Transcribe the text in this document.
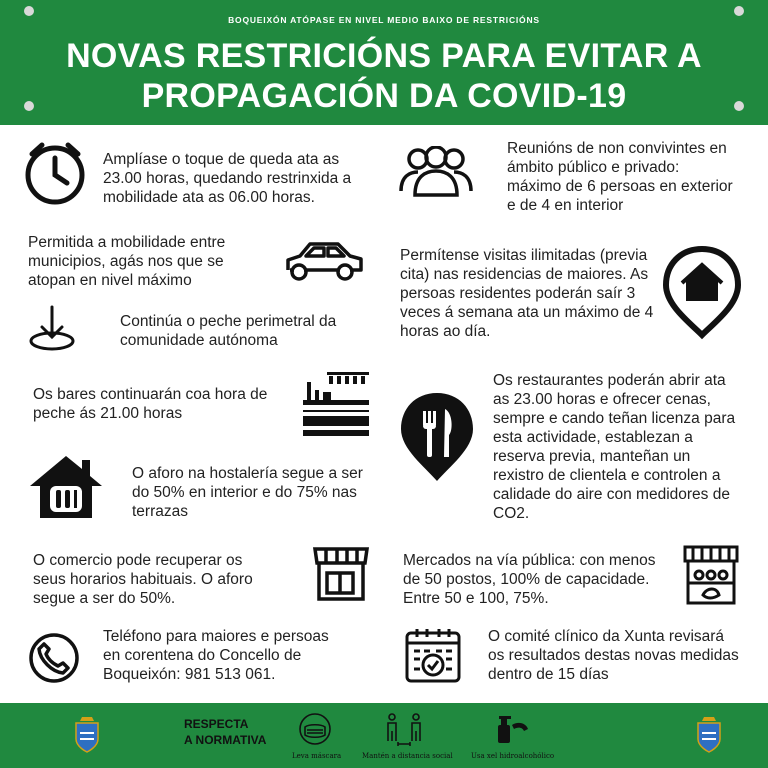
BOQUEIXÓN ATÓPASE EN NIVEL MEDIO BAIXO DE RESTRICIÓNS
NOVAS RESTRICIÓNS PARA EVITAR A
PROPAGACIÓN DA COVID-19
Amplíase o toque de queda ata as 23.00 horas, quedando restrinxida a mobilidade ata as 06.00 horas.
Reunións de non convivintes en ámbito público e privado: máximo de 6 persoas en exterior e de 4 en interior
Permitida a mobilidade entre municipios, agás nos que se atopan en nivel máximo
Permítense visitas ilimitadas (previa cita) nas residencias de maiores. As persoas residentes poderán saír 3 veces á semana ata un máximo de 4 horas ao día.
Continúa o peche perimetral da comunidade autónoma
Os bares continuarán coa hora de peche ás 21.00 horas
Os restaurantes poderán abrir ata as 23.00 horas e ofrecer cenas, sempre e cando teñan licenza para esta actividade, establezan a reserva previa, manteñan un rexistro de clientela e controlen a calidade do aire con medidores de CO2.
O aforo na hostalería segue a ser do 50% en interior e do 75% nas terrazas
O comercio pode recuperar os seus horarios habituais. O aforo segue a ser do 50%.
Mercados na vía pública: con menos de 50 postos, 100% de capacidade. Entre 50 e 100, 75%.
Teléfono para maiores e persoas en corentena do Concello de Boqueixón: 981 513 061.
O comité clínico da Xunta revisará os resultados destas novas medidas dentro de 15 días
RESPECTA
A NORMATIVA
Leva máscara	Mantén a distancia social	Usa xel hidroalcohólico
